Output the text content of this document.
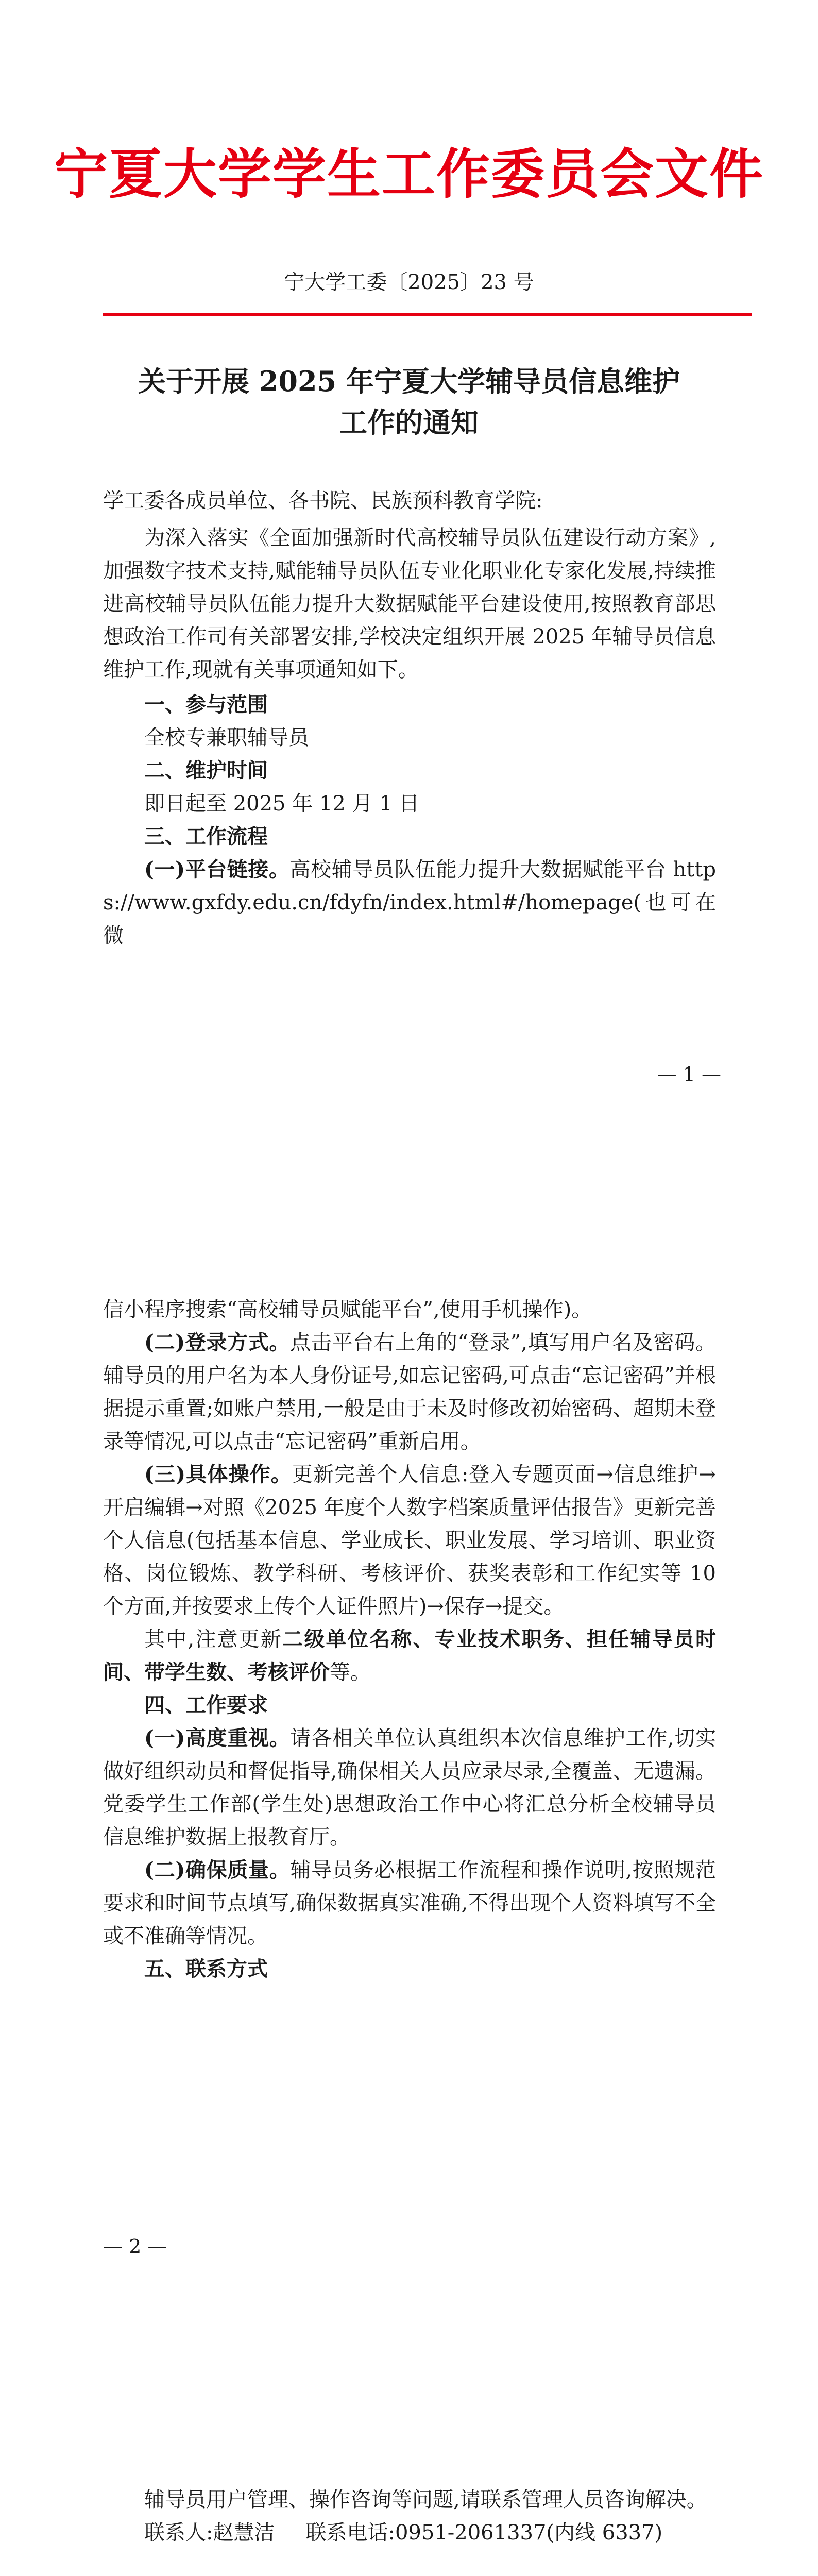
宁夏大学学生工作委员会文件
宁大学工委〔2025〕23 号
关于开展 2025 年宁夏大学辅导员信息维护
工作的通知

学工委各成员单位、各书院、民族预科教育学院:

为深入落实《全面加强新时代高校辅导员队伍建设行动方案》,加强数字技术支持,赋能辅导员队伍专业化职业化专家化发展,持续推进高校辅导员队伍能力提升大数据赋能平台建设使用,按照教育部思想政治工作司有关部署安排,学校决定组织开展 2025 年辅导员信息维护工作,现就有关事项通知如下。

一、参与范围

全校专兼职辅导员

二、维护时间

即日起至 2025 年 12 月 1 日

三、工作流程

(一)平台链接。高校辅导员队伍能力提升大数据赋能平台 https://www.gxfdy.edu.cn/fdyfn/index.html#/homepage(也可在微

— 1 —

信小程序搜索“高校辅导员赋能平台”,使用手机操作)。

(二)登录方式。点击平台右上角的“登录”,填写用户名及密码。辅导员的用户名为本人身份证号,如忘记密码,可点击“忘记密码”并根据提示重置;如账户禁用,一般是由于未及时修改初始密码、超期未登录等情况,可以点击“忘记密码”重新启用。

(三)具体操作。更新完善个人信息:登入专题页面→信息维护→开启编辑→对照《2025 年度个人数字档案质量评估报告》更新完善个人信息(包括基本信息、学业成长、职业发展、学习培训、职业资格、岗位锻炼、教学科研、考核评价、获奖表彰和工作纪实等 10 个方面,并按要求上传个人证件照片)→保存→提交。

其中,注意更新二级单位名称、专业技术职务、担任辅导员时间、带学生数、考核评价等。

四、工作要求

(一)高度重视。请各相关单位认真组织本次信息维护工作,切实做好组织动员和督促指导,确保相关人员应录尽录,全覆盖、无遗漏。党委学生工作部(学生处)思想政治工作中心将汇总分析全校辅导员信息维护数据上报教育厅。

(二)确保质量。辅导员务必根据工作流程和操作说明,按照规范要求和时间节点填写,确保数据真实准确,不得出现个人资料填写不全或不准确等情况。

五、联系方式

— 2 —

辅导员用户管理、操作咨询等问题,请联系管理人员咨询解决。

联系人:赵慧洁 联系电话:0951-2061337(内线 6337)
